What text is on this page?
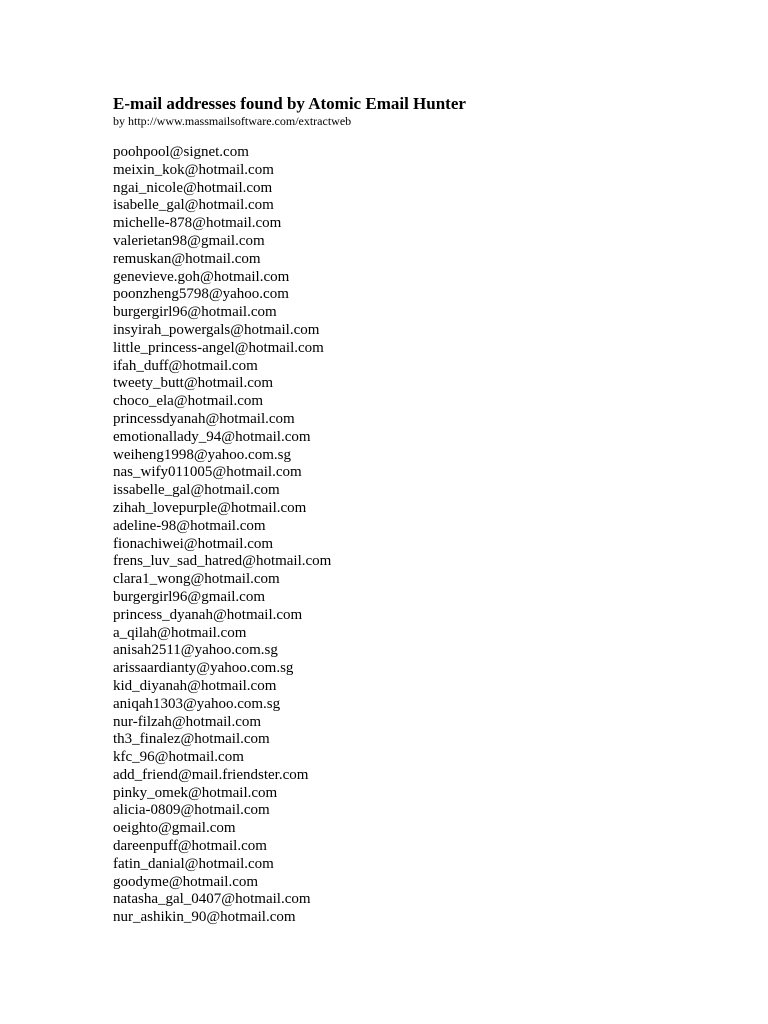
E-mail addresses found by Atomic Email Hunter

by http://www.massmailsoftware.com/extractweb

poohpool@signet.com
meixin_kok@hotmail.com
ngai_nicole@hotmail.com
isabelle_gal@hotmail.com
michelle-878@hotmail.com
valerietan98@gmail.com
remuskan@hotmail.com
genevieve.goh@hotmail.com
poonzheng5798@yahoo.com
burgergirl96@hotmail.com
insyirah_powergals@hotmail.com
little_princess-angel@hotmail.com
ifah_duff@hotmail.com
tweety_butt@hotmail.com
choco_ela@hotmail.com
princessdyanah@hotmail.com
emotionallady_94@hotmail.com
weiheng1998@yahoo.com.sg
nas_wify011005@hotmail.com
issabelle_gal@hotmail.com
zihah_lovepurple@hotmail.com
adeline-98@hotmail.com
fionachiwei@hotmail.com
frens_luv_sad_hatred@hotmail.com
clara1_wong@hotmail.com
burgergirl96@gmail.com
princess_dyanah@hotmail.com
a_qilah@hotmail.com
anisah2511@yahoo.com.sg
arissaardianty@yahoo.com.sg
kid_diyanah@hotmail.com
aniqah1303@yahoo.com.sg
nur-filzah@hotmail.com
th3_finalez@hotmail.com
kfc_96@hotmail.com
add_friend@mail.friendster.com
pinky_omek@hotmail.com
alicia-0809@hotmail.com
oeighto@gmail.com
dareenpuff@hotmail.com
fatin_danial@hotmail.com
goodyme@hotmail.com
natasha_gal_0407@hotmail.com
nur_ashikin_90@hotmail.com
